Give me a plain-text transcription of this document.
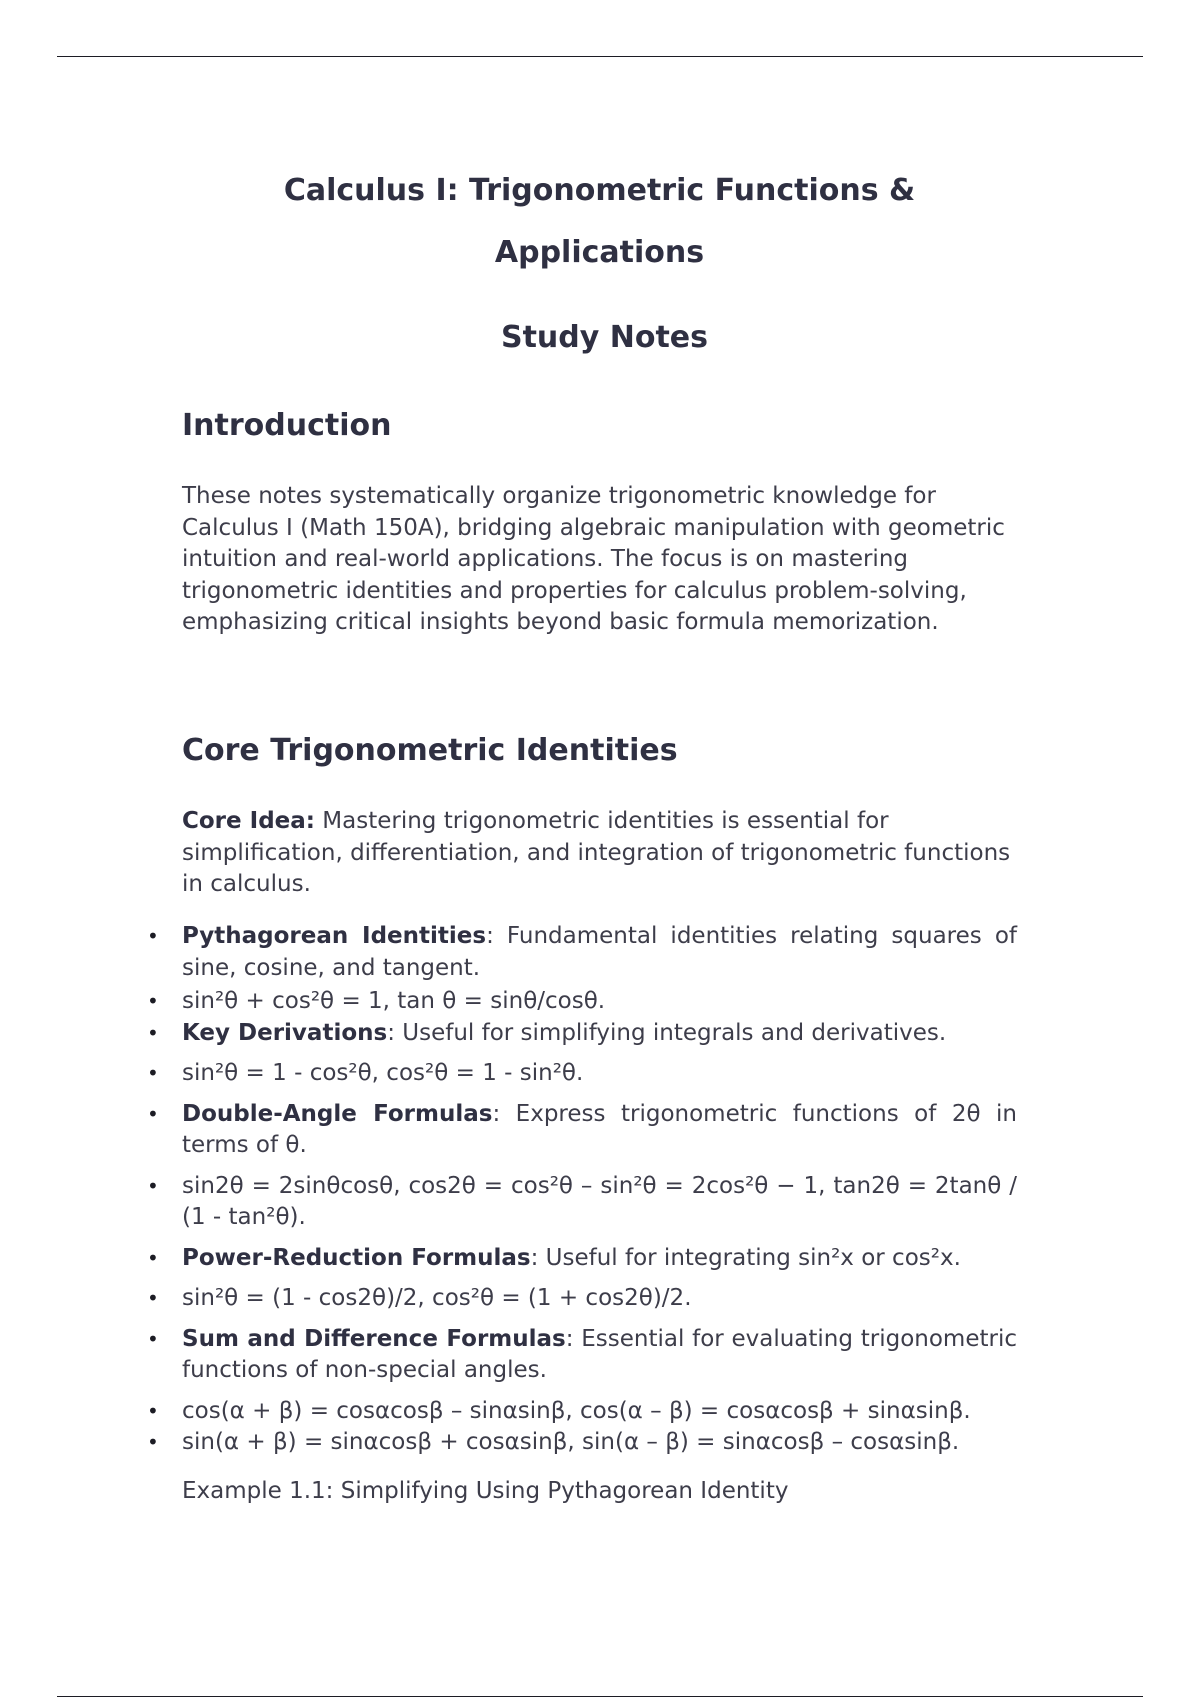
Calculus I: Trigonometric Functions &
Applications
Study Notes
Introduction

These notes systematically organize trigonometric knowledge for Calculus I (Math 150A), bridging algebraic manipulation with geometric intuition and real-world applications. The focus is on mastering trigonometric identities and properties for calculus problem-solving, emphasizing critical insights beyond basic formula memorization.

Core Trigonometric Identities

Core Idea: Mastering trigonometric identities is essential for simplification, differentiation, and integration of trigonometric functions in calculus.

• Pythagorean Identities: Fundamental identities relating squares of sine, cosine, and tangent.
• sin²θ + cos²θ = 1, tan θ = sinθ/cosθ.
• Key Derivations: Useful for simplifying integrals and derivatives.
• sin²θ = 1 - cos²θ, cos²θ = 1 - sin²θ.
• Double-Angle Formulas: Express trigonometric functions of 2θ in terms of θ.
• sin2θ = 2sinθcosθ, cos2θ = cos²θ – sin²θ = 2cos²θ − 1, tan2θ = 2tanθ / (1 - tan²θ).
• Power-Reduction Formulas: Useful for integrating sin²x or cos²x.
• sin²θ = (1 - cos2θ)/2, cos²θ = (1 + cos2θ)/2.
• Sum and Difference Formulas: Essential for evaluating trigonometric functions of non-special angles.
• cos(α + β) = cosαcosβ – sinαsinβ, cos(α – β) = cosαcosβ + sinαsinβ.
• sin(α + β) = sinαcosβ + cosαsinβ, sin(α – β) = sinαcosβ – cosαsinβ.

Example 1.1: Simplifying Using Pythagorean Identity
